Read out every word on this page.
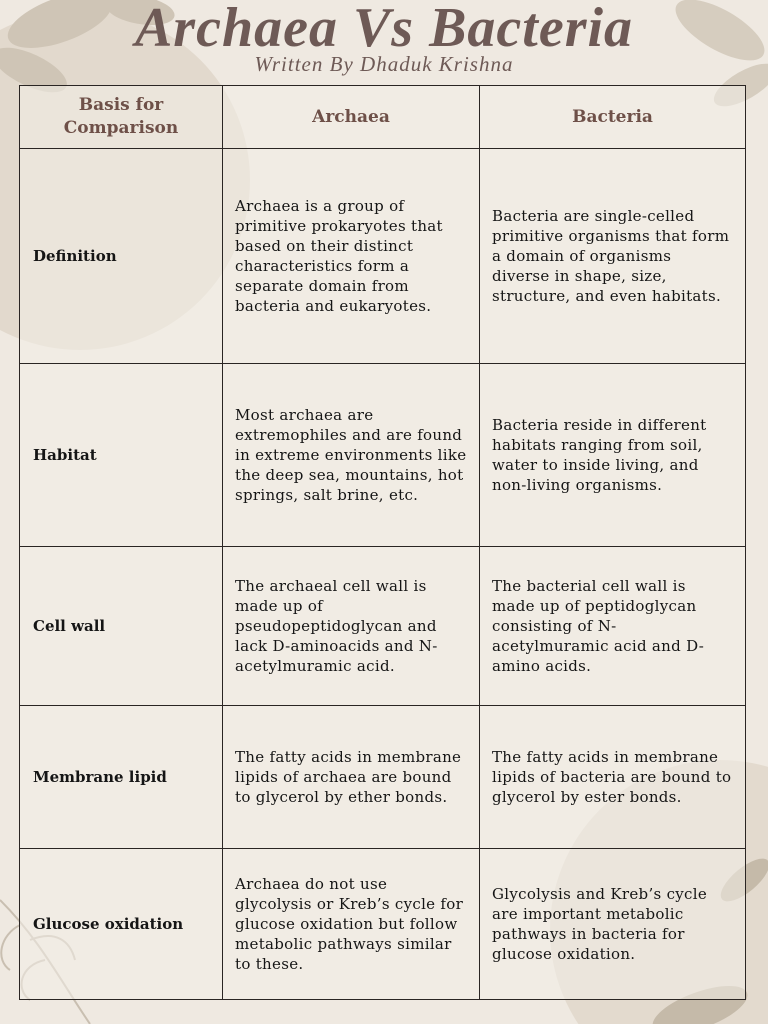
Archaea Vs Bacteria
Written By Dhaduk Krishna
Basis for Comparison	Archaea	Bacteria
Definition	Archaea is a group of primitive prokaryotes that based on their distinct characteristics form a separate domain from bacteria and eukaryotes.	Bacteria are single-celled primitive organisms that form a domain of organisms diverse in shape, size, structure, and even habitats.
Habitat	Most archaea are extremophiles and are found in extreme environments like the deep sea, mountains, hot springs, salt brine, etc.	Bacteria reside in different habitats ranging from soil, water to inside living, and non-living organisms.
Cell wall	The archaeal cell wall is made up of pseudopeptidoglycan and lack D-aminoacids and N-acetylmuramic acid.	The bacterial cell wall is made up of peptidoglycan consisting of N-acetylmuramic acid and D-amino acids.
Membrane lipid	The fatty acids in membrane lipids of archaea are bound to glycerol by ether bonds.	The fatty acids in membrane lipids of bacteria are bound to glycerol by ester bonds.
Glucose oxidation	Archaea do not use glycolysis or Kreb’s cycle for glucose oxidation but follow metabolic pathways similar to these.	Glycolysis and Kreb’s cycle are important metabolic pathways in bacteria for glucose oxidation.
